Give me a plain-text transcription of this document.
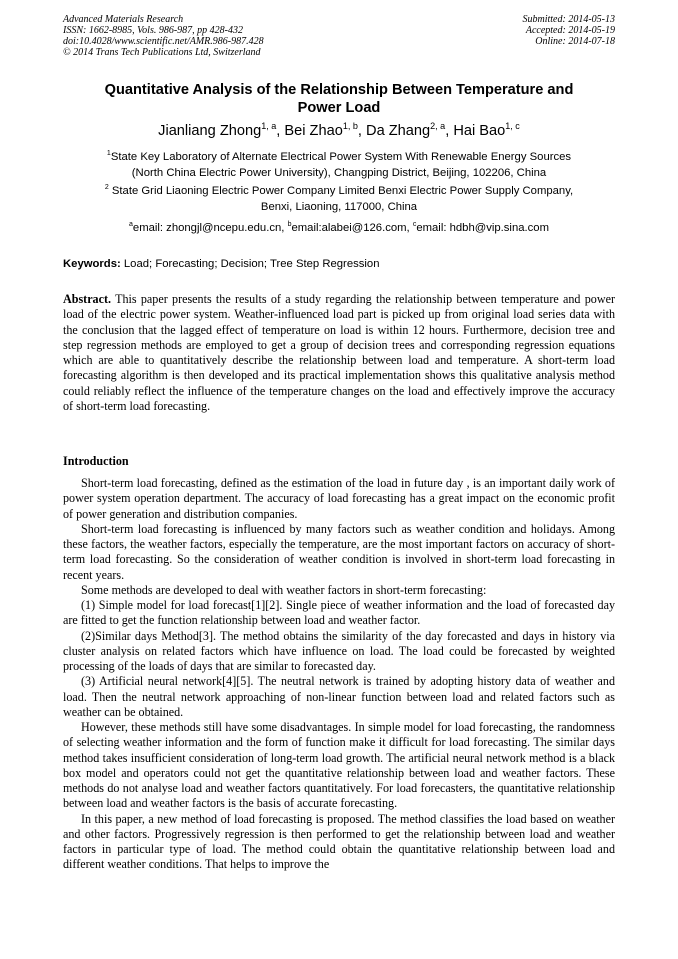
Advanced Materials Research
ISSN: 1662-8985, Vols. 986-987, pp 428-432
doi:10.4028/www.scientific.net/AMR.986-987.428
© 2014 Trans Tech Publications Ltd, Switzerland
Submitted: 2014-05-13
Accepted: 2014-05-19
Online: 2014-07-18
Quantitative Analysis of the Relationship Between Temperature and
Power Load
Jianliang Zhong$^{1, a}$, Bei Zhao$^{1, b}$, Da Zhang$^{2, a}$, Hai Bao$^{1, c}$
$^1$State Key Laboratory of Alternate Electrical Power System With Renewable Energy Sources
(North China Electric Power University), Changping District, Beijing, 102206, China
$^2$ State Grid Liaoning Electric Power Company Limited Benxi Electric Power Supply Company,
Benxi, Liaoning, 117000, China
$^a$email: zhongjl@ncepu.edu.cn, $^b$email:alabei@126.com, $^c$email: hdbh@vip.sina.com
Keywords: Load; Forecasting; Decision; Tree Step Regression
Abstract. This paper presents the results of a study regarding the relationship between temperature and power load of the electric power system. Weather-influenced load part is picked up from original load series data with the conclusion that the lagged effect of temperature on load is within 12 hours. Furthermore, decision tree and step regression methods are employed to get a group of decision trees and corresponding regression equations which are able to quantitatively describe the relationship between load and temperature. A short-term load forecasting algorithm is then developed and its practical implementation shows this qualitative analysis method could reliably reflect the influence of the temperature changes on the load and effectively improve the accuracy of short-term load forecasting.
Introduction

Short-term load forecasting, defined as the estimation of the load in future day , is an important daily work of power system operation department. The accuracy of load forecasting has a great impact on the economic profit of power generation and distribution companies.

Short-term load forecasting is influenced by many factors such as weather condition and holidays. Among these factors, the weather factors, especially the temperature, are the most important factors on accuracy of short-term load forecasting. So the consideration of weather condition is involved in short-term load forecasting in recent years.

Some methods are developed to deal with weather factors in short-term forecasting:

(1) Simple model for load forecast[1][2]. Single piece of weather information and the load of forecasted day are fitted to get the function relationship between load and weather factor.

(2)Similar days Method[3]. The method obtains the similarity of the day forecasted and days in history via cluster analysis on related factors which have influence on load. The load could be forecasted by weighted processing of the loads of days that are similar to forecasted day.

(3) Artificial neural network[4][5]. The neutral network is trained by adopting history data of weather and load. Then the neutral network approaching of non-linear function between load and related factors such as weather can be obtained.

However, these methods still have some disadvantages. In simple model for load forecasting, the randomness of selecting weather information and the form of function make it difficult for load forecasting. The similar days method takes insufficient consideration of long-term load growth. The artificial neural network method is a black box model and operators could not get the quantitative relationship between load and weather factors. These methods do not analyse load and weather factors quantitatively. For load forecasters, the quantitative relationship between load and weather factors is the basis of accurate forecasting.

In this paper, a new method of load forecasting is proposed. The method classifies the load based on weather and other factors. Progressively regression is then performed to get the relationship between load and weather factors in particular type of load. The method could obtain the quantitative relationship between load and different weather conditions. That helps to improve the
